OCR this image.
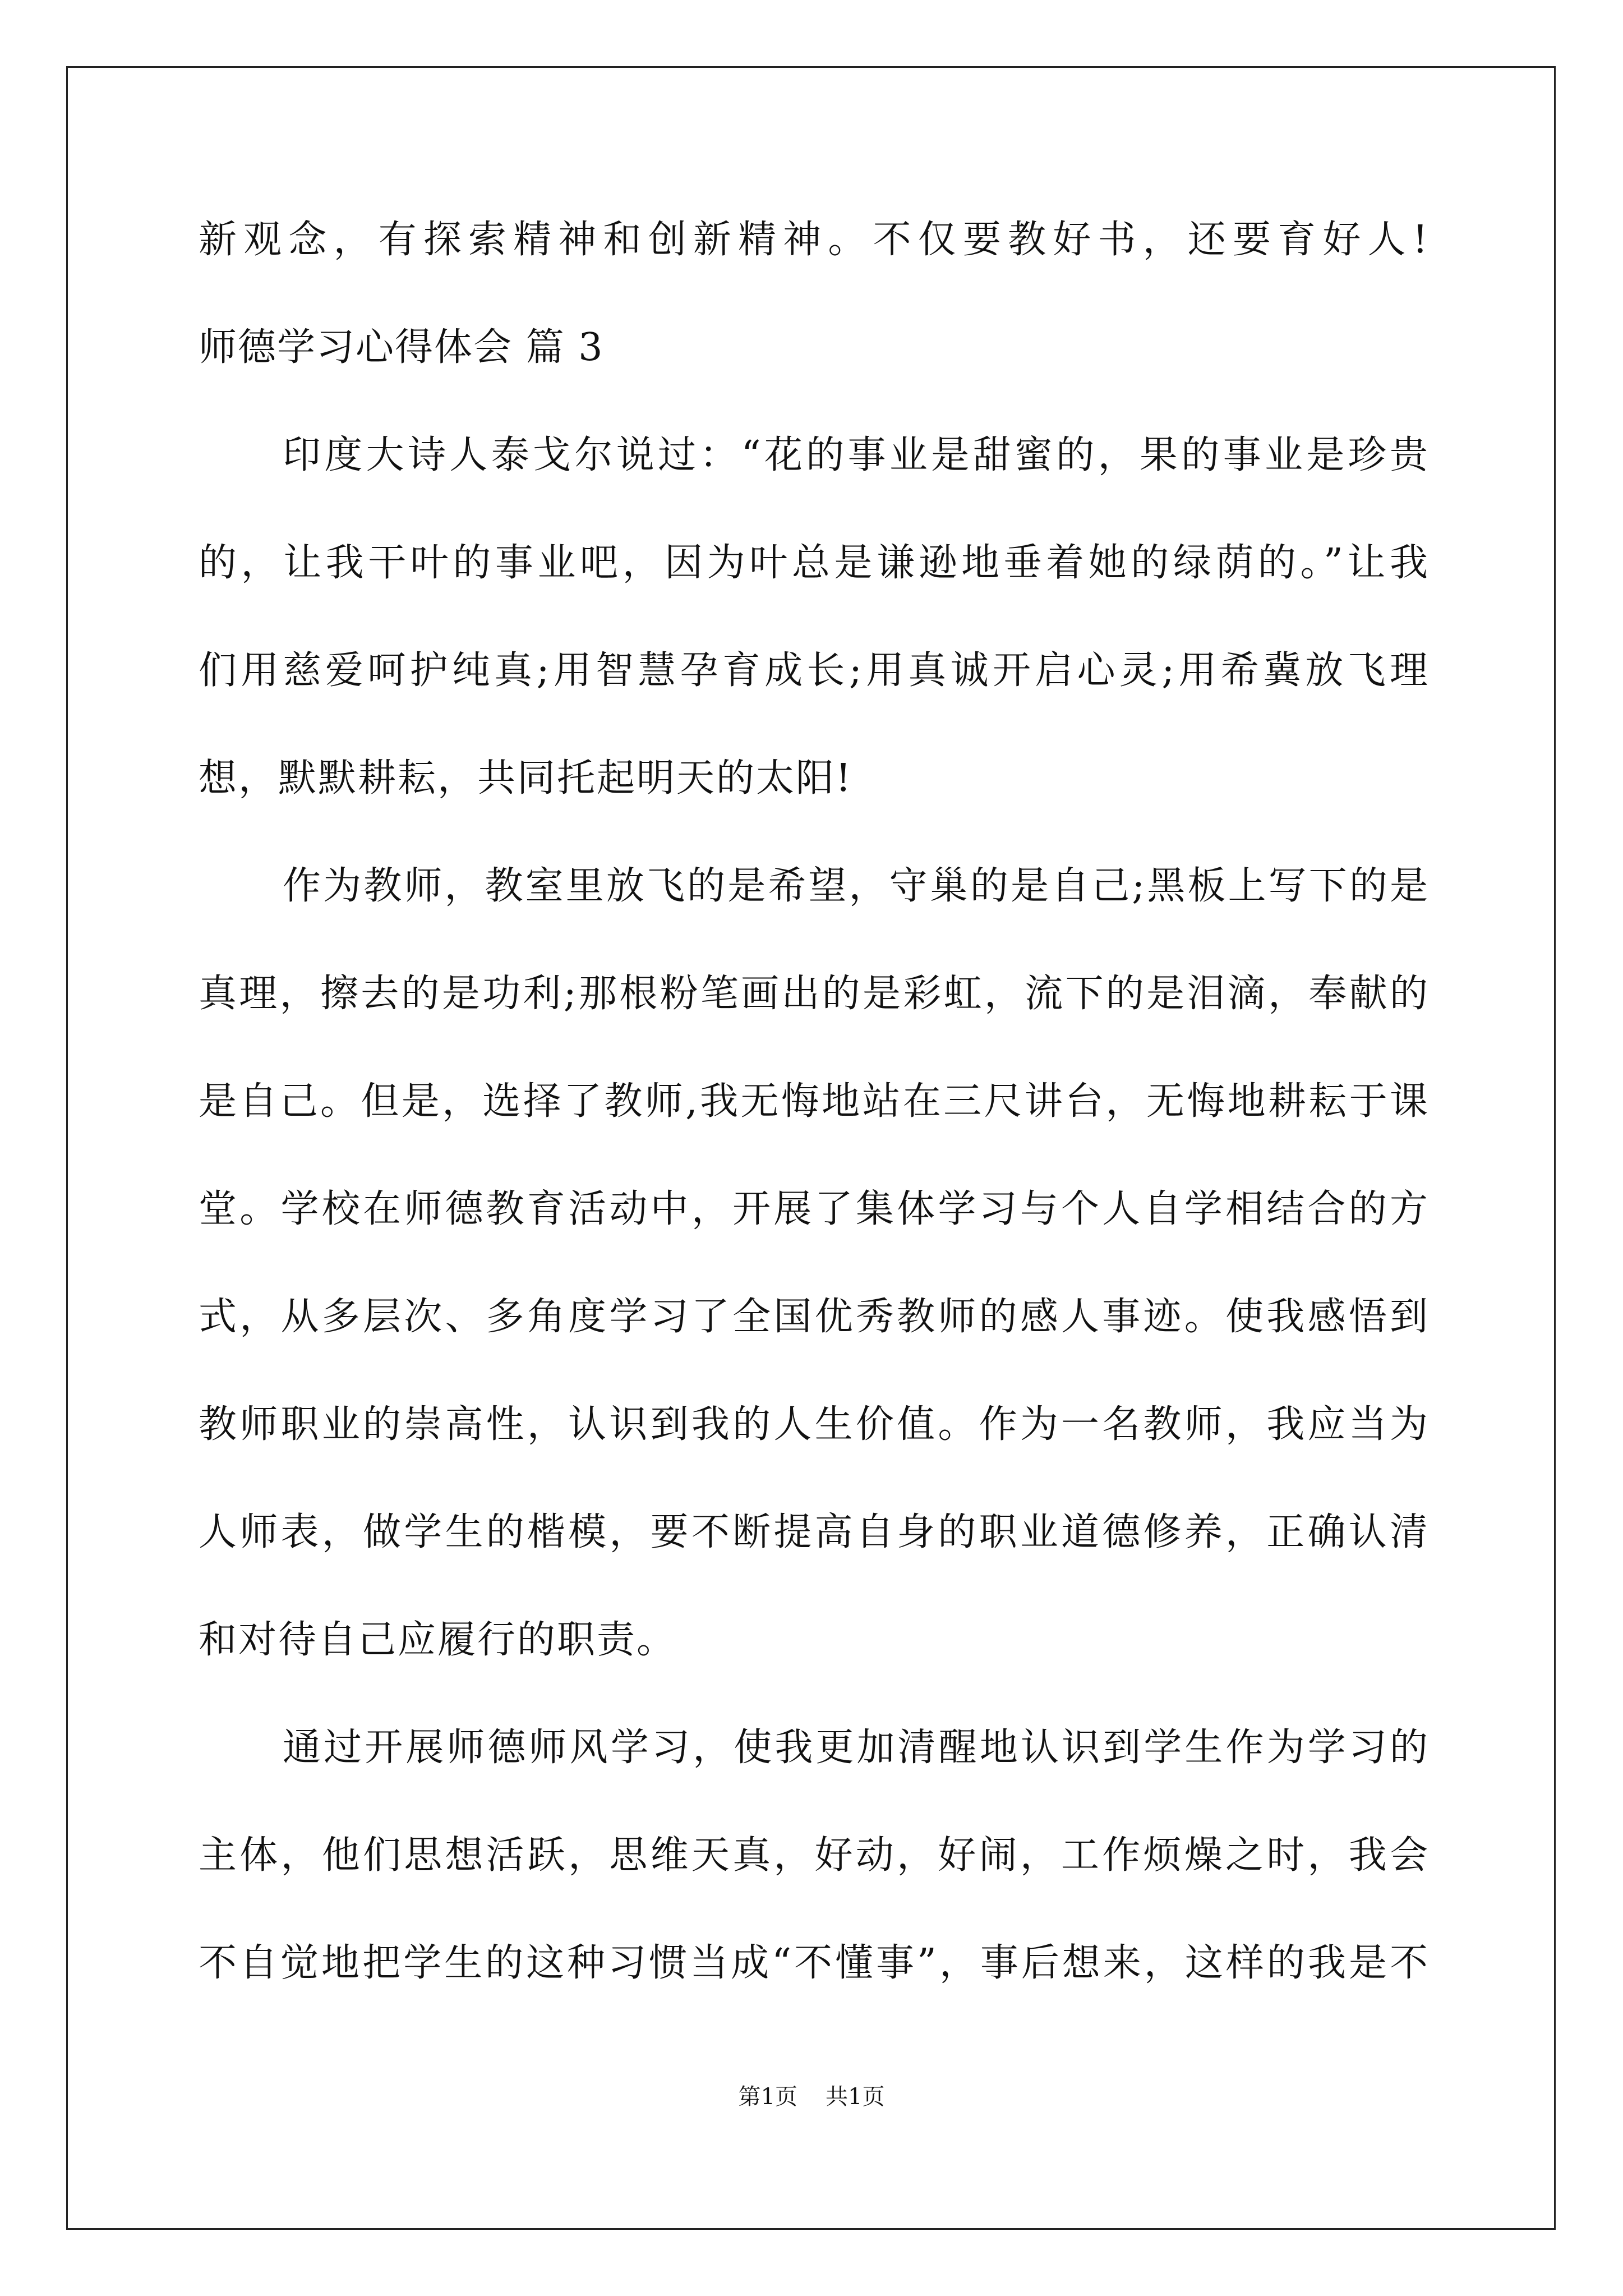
新观念，有探索精神和创新精神。不仅要教好书，还要育好人!
师德学习心得体会 篇 3
印度大诗人泰戈尔说过：“花的事业是甜蜜的，果的事业是珍贵
的，让我干叶的事业吧，因为叶总是谦逊地垂着她的绿荫的。”让我
们用慈爱呵护纯真;用智慧孕育成长;用真诚开启心灵;用希冀放飞理
想，默默耕耘，共同托起明天的太阳!
作为教师，教室里放飞的是希望，守巢的是自己;黑板上写下的是
真理，擦去的是功利;那根粉笔画出的是彩虹，流下的是泪滴，奉献的
是自己。但是，选择了教师,我无悔地站在三尺讲台，无悔地耕耘于课
堂。学校在师德教育活动中，开展了集体学习与个人自学相结合的方
式，从多层次、多角度学习了全国优秀教师的感人事迹。使我感悟到
教师职业的崇高性，认识到我的人生价值。作为一名教师，我应当为
人师表，做学生的楷模，要不断提高自身的职业道德修养，正确认清
和对待自己应履行的职责。
通过开展师德师风学习，使我更加清醒地认识到学生作为学习的
主体，他们思想活跃，思维天真，好动，好闹，工作烦燥之时，我会
不自觉地把学生的这种习惯当成“不懂事”，事后想来，这样的我是不
第1页 共1页
